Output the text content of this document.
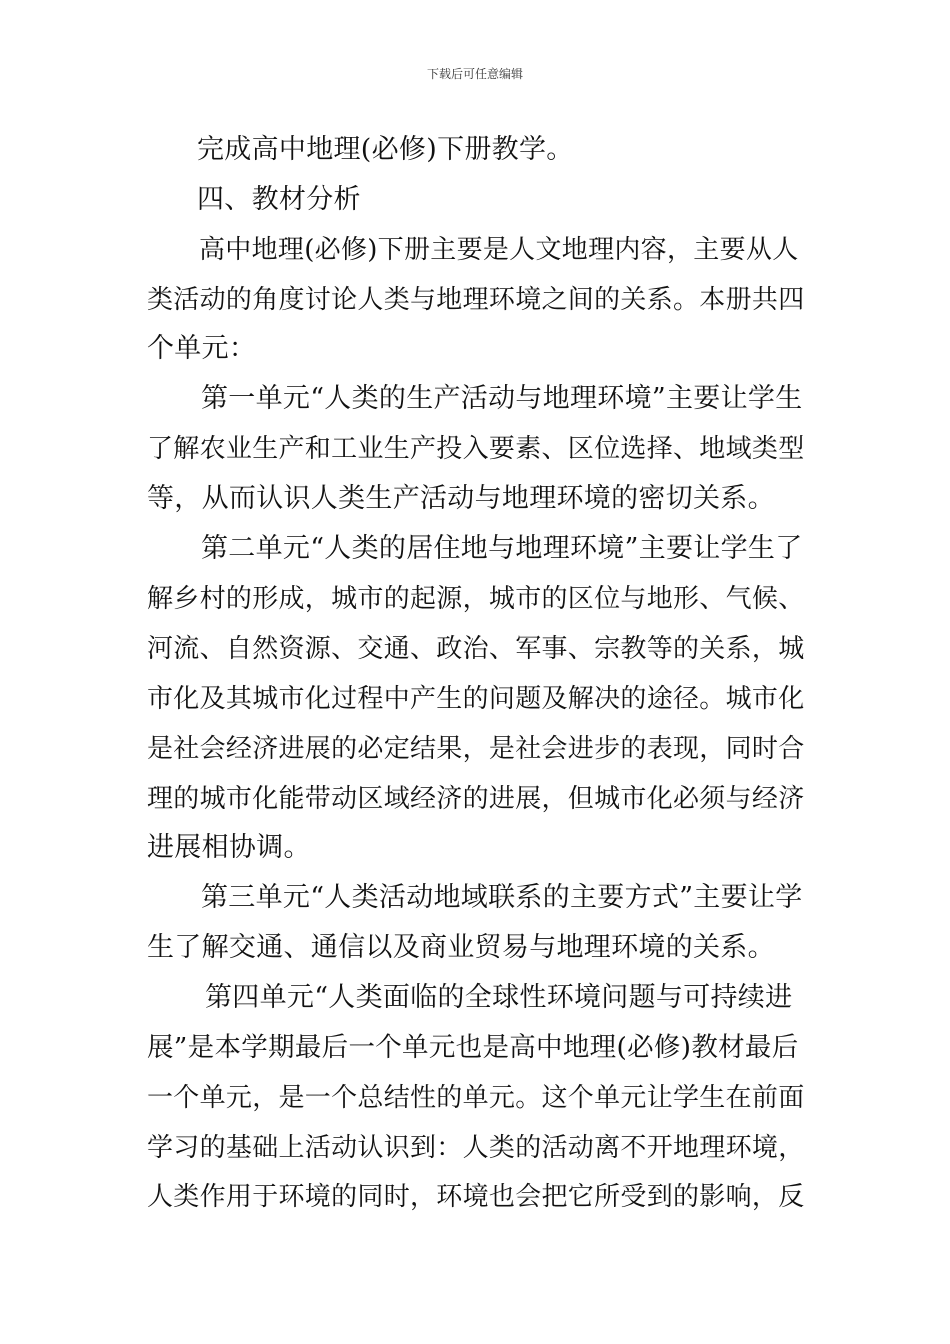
下载后可任意编辑
完成高中地理(必修)下册教学。
四、教材分析
高中地理(必修)下册主要是人文地理内容，主要从人
类活动的角度讨论人类与地理环境之间的关系。本册共四
个单元：
第一单元“人类的生产活动与地理环境”主要让学生
了解农业生产和工业生产投入要素、区位选择、地域类型
等，从而认识人类生产活动与地理环境的密切关系。
第二单元“人类的居住地与地理环境”主要让学生了
解乡村的形成，城市的起源，城市的区位与地形、气候、
河流、自然资源、交通、政治、军事、宗教等的关系，城
市化及其城市化过程中产生的问题及解决的途径。城市化
是社会经济进展的必定结果，是社会进步的表现，同时合
理的城市化能带动区域经济的进展，但城市化必须与经济
进展相协调。
第三单元“人类活动地域联系的主要方式”主要让学
生了解交通、通信以及商业贸易与地理环境的关系。
第四单元“人类面临的全球性环境问题与可持续进
展”是本学期最后一个单元也是高中地理(必修)教材最后
一个单元，是一个总结性的单元。这个单元让学生在前面
学习的基础上活动认识到：人类的活动离不开地理环境，
人类作用于环境的同时，环境也会把它所受到的影响，反
